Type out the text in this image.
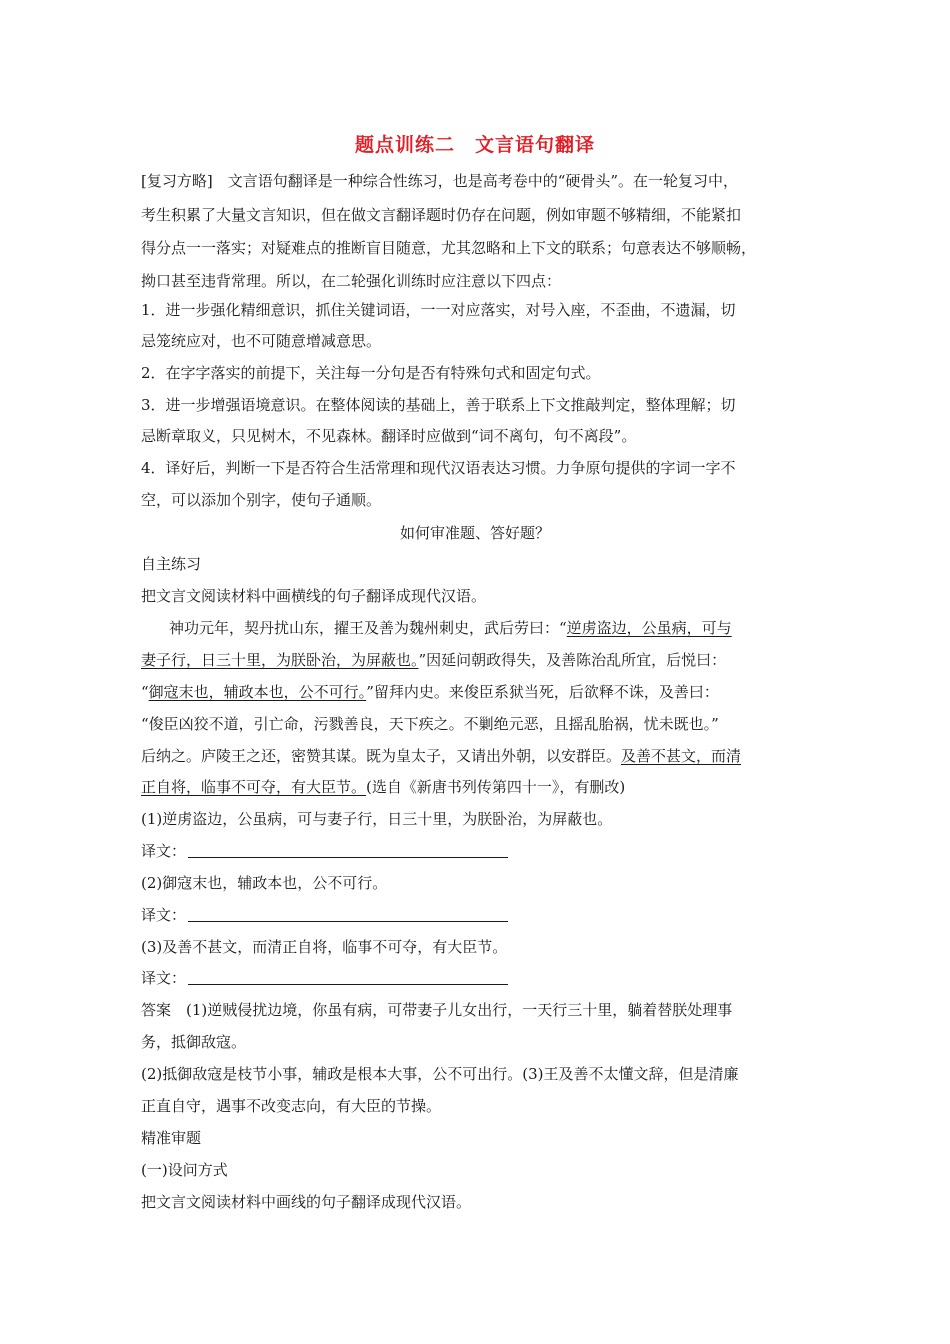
题点训练二　文言语句翻译
[复习方略]　文言语句翻译是一种综合性练习，也是高考卷中的“硬骨头”。在一轮复习中，
考生积累了大量文言知识，但在做文言翻译题时仍存在问题，例如审题不够精细，不能紧扣
得分点一一落实；对疑难点的推断盲目随意，尤其忽略和上下文的联系；句意表达不够顺畅，
拗口甚至违背常理。所以，在二轮强化训练时应注意以下四点：
1．进一步强化精细意识，抓住关键词语，一一对应落实，对号入座，不歪曲，不遗漏，切
忌笼统应对，也不可随意增减意思。
2．在字字落实的前提下，关注每一分句是否有特殊句式和固定句式。
3．进一步增强语境意识。在整体阅读的基础上，善于联系上下文推敲判定，整体理解；切
忌断章取义，只见树木，不见森林。翻译时应做到“词不离句，句不离段”。
4．译好后，判断一下是否符合生活常理和现代汉语表达习惯。力争原句提供的字词一字不
空，可以添加个别字，使句子通顺。
如何审准题、答好题？
自主练习
把文言文阅读材料中画横线的句子翻译成现代汉语。
神功元年，契丹扰山东，擢王及善为魏州刺史，武后劳曰：“逆虏盗边，公虽病，可与
妻子行，日三十里，为朕卧治，为屏蔽也。”因延问朝政得失，及善陈治乱所宜，后悦曰：
“御寇末也，辅政本也，公不可行。”留拜内史。来俊臣系狱当死，后欲释不诛，及善曰：
“俊臣凶狡不道，引亡命，污戮善良，天下疾之。不剿绝元恶，且摇乱胎祸，忧未既也。”
后纳之。庐陵王之还，密赞其谋。既为皇太子，又请出外朝，以安群臣。及善不甚文，而清
正自将，临事不可夺，有大臣节。(选自《新唐书列传第四十一》，有删改)
(1)逆虏盗边，公虽病，可与妻子行，日三十里，为朕卧治，为屏蔽也。
译文：
(2)御寇末也，辅政本也，公不可行。
译文：
(3)及善不甚文，而清正自将，临事不可夺，有大臣节。
译文：
答案　(1)逆贼侵扰边境，你虽有病，可带妻子儿女出行，一天行三十里，躺着替朕处理事
务，抵御敌寇。
(2)抵御敌寇是枝节小事，辅政是根本大事，公不可出行。(3)王及善不太懂文辞，但是清廉
正直自守，遇事不改变志向，有大臣的节操。
精准审题
(一)设问方式
把文言文阅读材料中画线的句子翻译成现代汉语。
